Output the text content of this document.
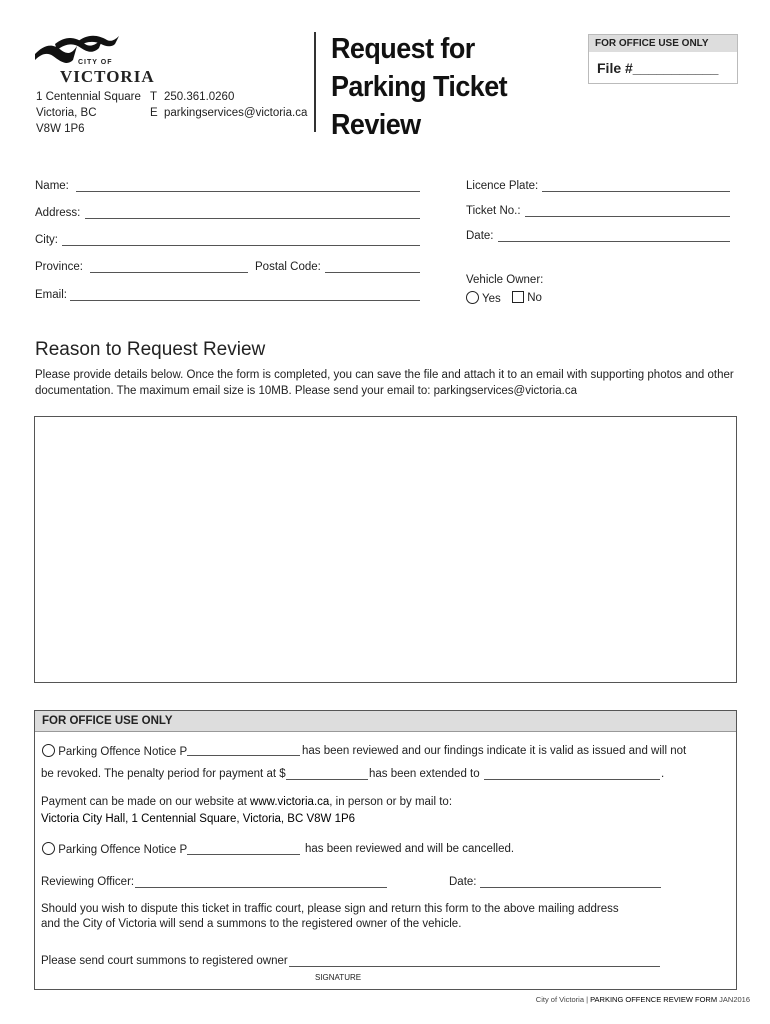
CITY OF
VICTORIA
1 Centennial Square
Victoria, BC
V8W 1P6
T 250.361.0260
E parkingservices@victoria.ca
Request for
Parking Ticket
Review
FOR OFFICE USE ONLY
File #___________
Name:
Address:
City:
Province:	Postal Code:
Email:
Licence Plate:
Ticket No.:
Date:
Vehicle Owner:
Yes	No
Reason to Request Review
Please provide details below. Once the form is completed, you can save the file and attach it to an email with supporting photos and other documentation. The maximum email size is 10MB. Please send your email to: parkingservices@victoria.ca
FOR OFFICE USE ONLY
Parking Offence Notice P	has been reviewed and our findings indicate it is valid as issued and will not
be revoked. The penalty period for payment at $	has been extended to	.
Payment can be made on our website at www.victoria.ca, in person or by mail to:
Victoria City Hall, 1 Centennial Square, Victoria, BC V8W 1P6
Parking Offence Notice P	has been reviewed and will be cancelled.
Reviewing Officer:	Date:
Should you wish to dispute this ticket in traffic court, please sign and return this form to the above mailing address
and the City of Victoria will send a summons to the registered owner of the vehicle.
Please send court summons to registered owner
SIGNATURE
City of Victoria | PARKING OFFENCE REVIEW FORM JAN2016
